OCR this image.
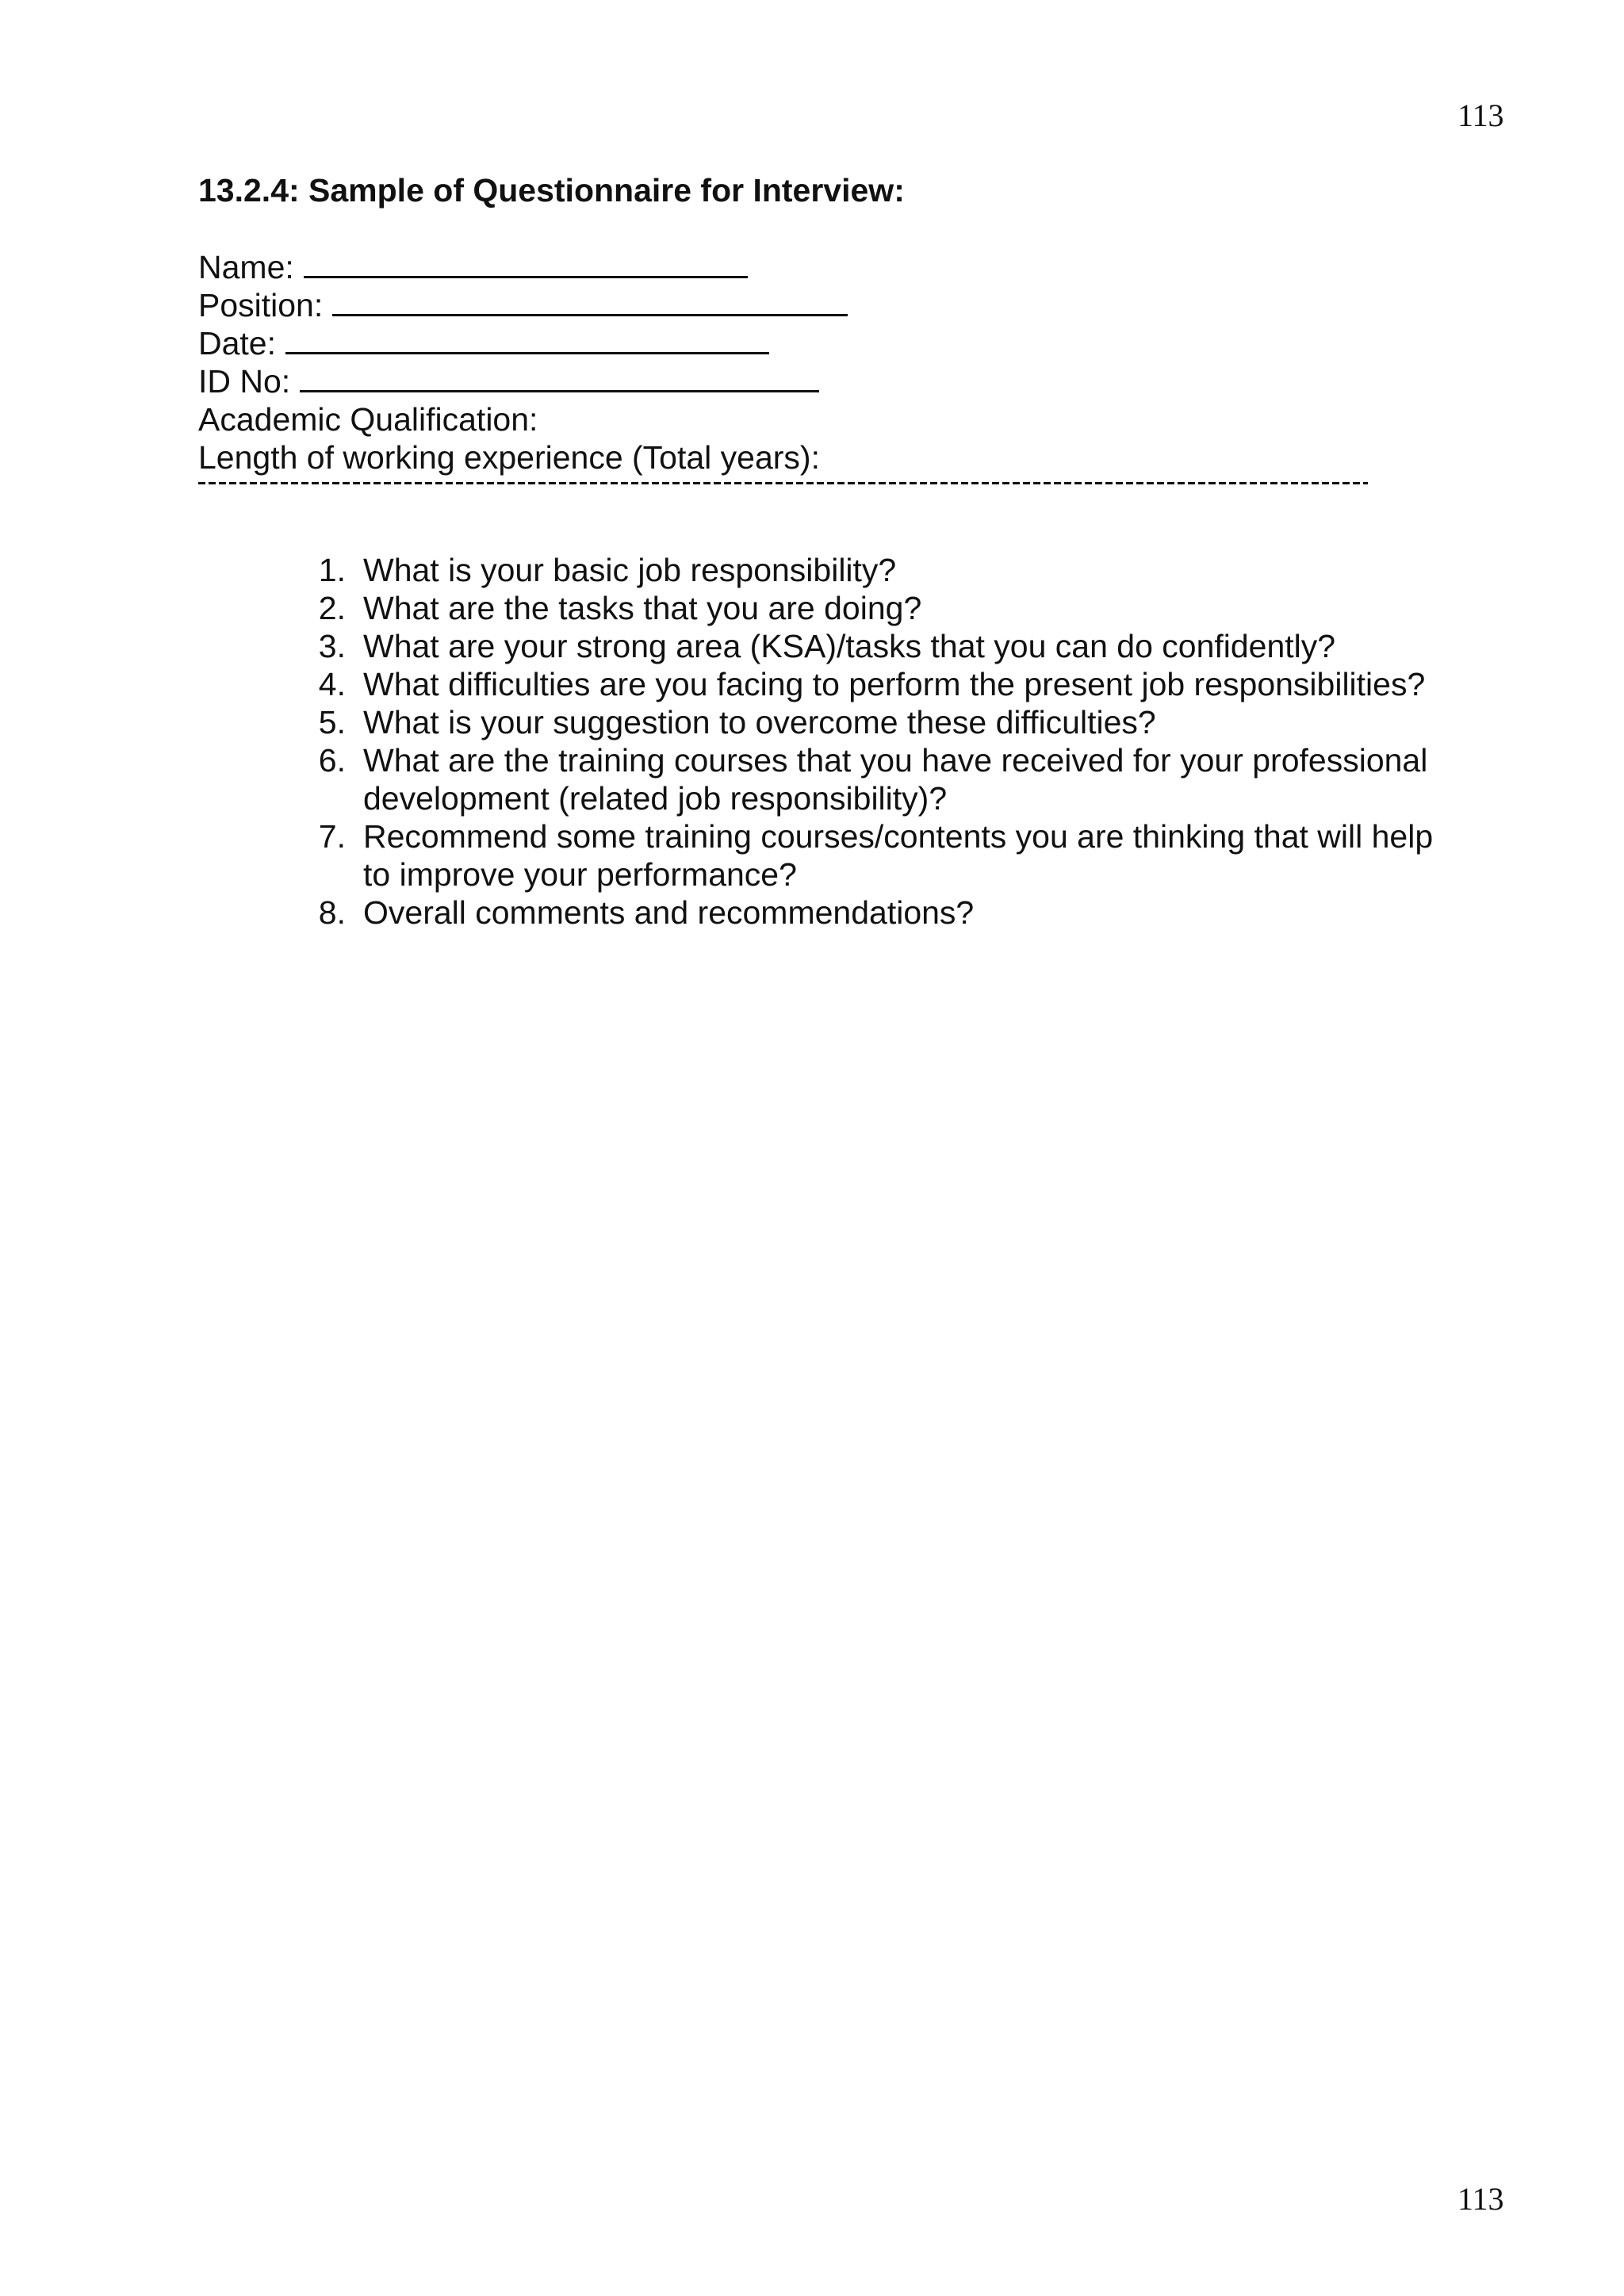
113
13.2.4: Sample of Questionnaire for Interview:
Name:
Position:
Date:
ID No:
Academic Qualification:
Length of working experience (Total years):
1. What is your basic job responsibility?
2. What are the tasks that you are doing?
3. What are your strong area (KSA)/tasks that you can do confidently?
4. What difficulties are you facing to perform the present job responsibilities?
5. What is your suggestion to overcome these difficulties?
6. What are the training courses that you have received for your professional development (related job responsibility)?
7. Recommend some training courses/contents you are thinking that will help to improve your performance?
8. Overall comments and recommendations?
113
